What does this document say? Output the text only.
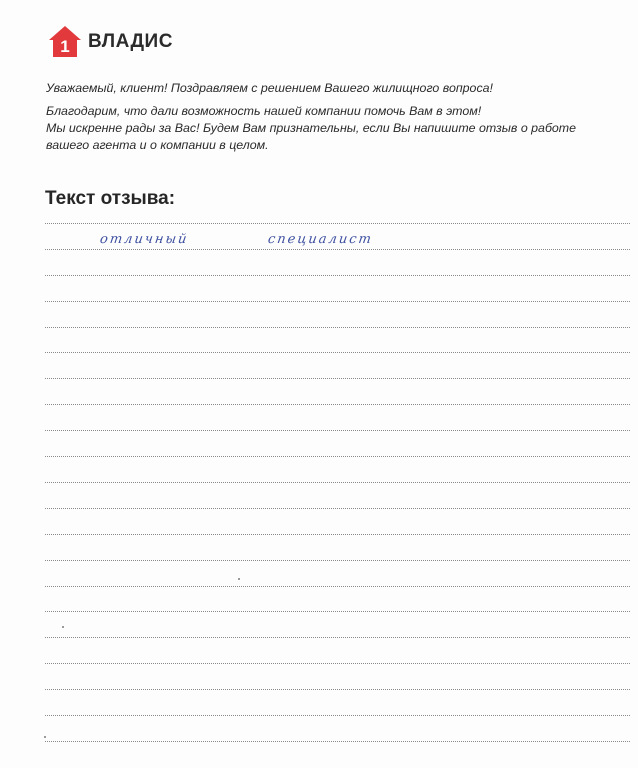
1 ВЛАДИС

Уважаемый, клиент! Поздравляем с решением Вашего жилищного вопроса!

Благодарим, что дали возможность нашей компании помочь Вам в этом!
Мы искренне рады за Вас! Будем Вам признательны, если Вы напишите отзыв о работе
вашего агента и о компании в целом.

Текст отзыва:
отличный	специалист
